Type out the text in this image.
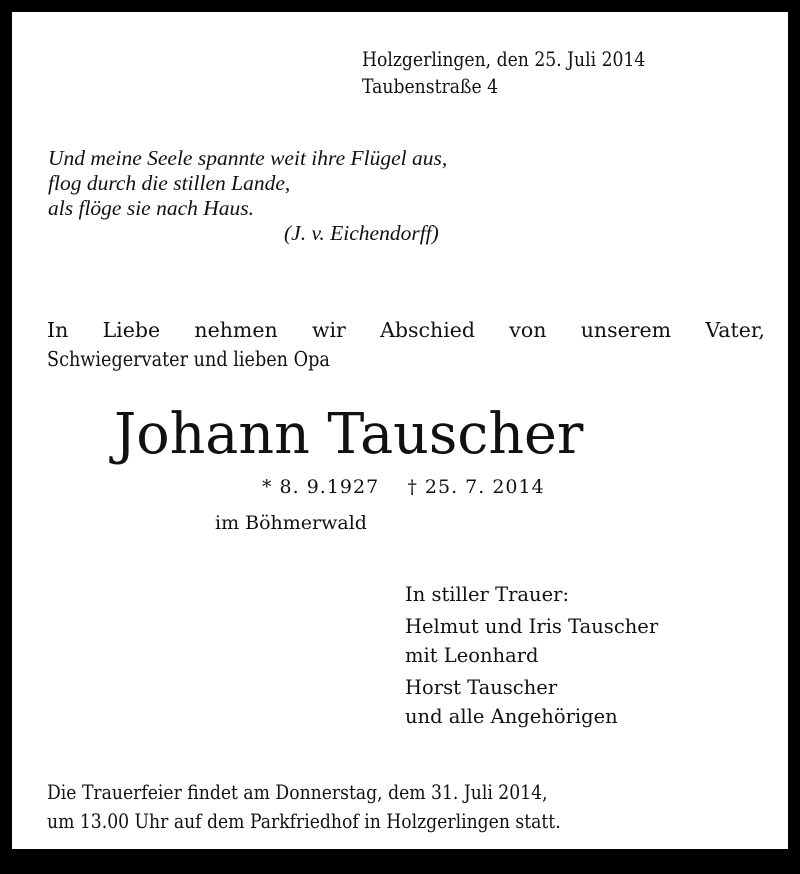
Holzgerlingen, den 25. Juli 2014
Taubenstraße 4
Und meine Seele spannte weit ihre Flügel aus,
flog durch die stillen Lande,
als flöge sie nach Haus.
(J. v. Eichendorff)
In Liebe nehmen wir Abschied von unserem Vater,
Schwiegervater und lieben Opa
Johann Tauscher
* 8. 9.1927 † 25. 7. 2014
im Böhmerwald
In stiller Trauer:
Helmut und Iris Tauscher
mit Leonhard
Horst Tauscher
und alle Angehörigen
Die Trauerfeier findet am Donnerstag, dem 31. Juli 2014,
um 13.00 Uhr auf dem Parkfriedhof in Holzgerlingen statt.
